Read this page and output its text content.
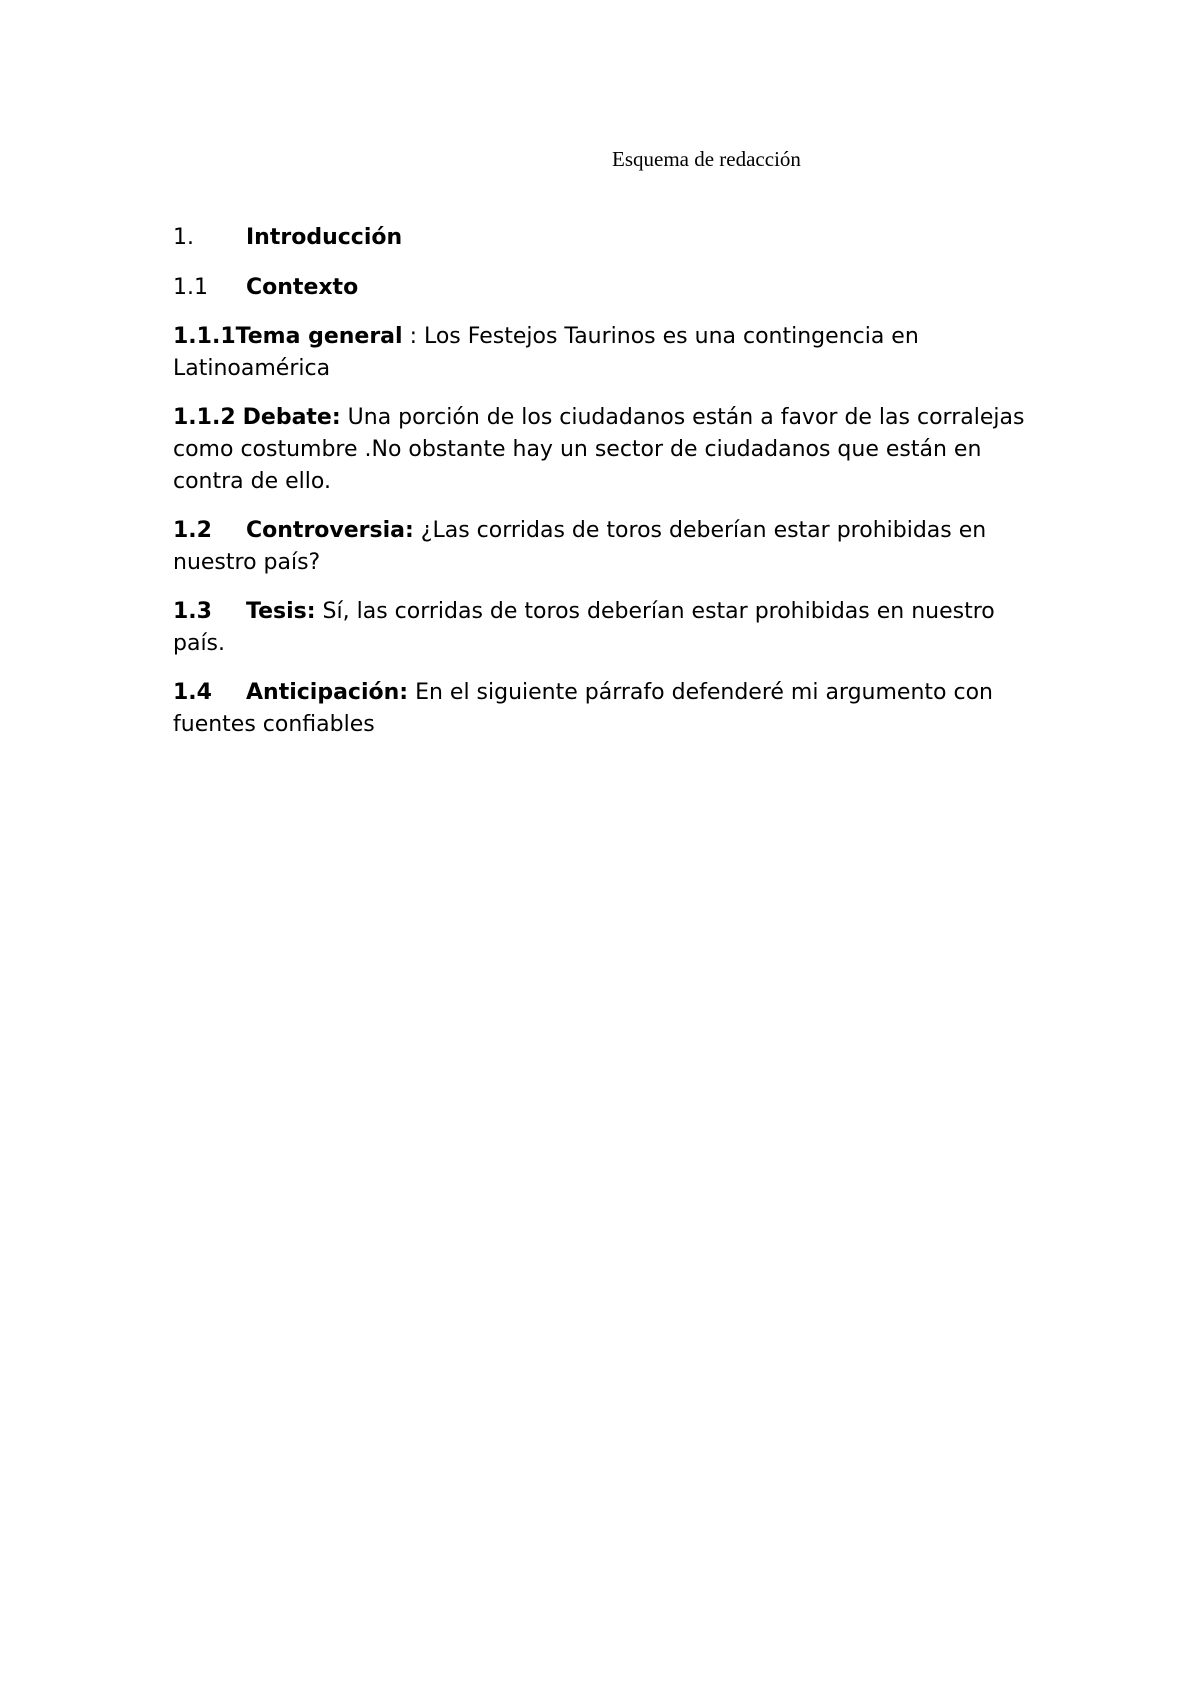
Esquema de redacción
1. Introducción
1.1 Contexto
1.1.1Tema general : Los Festejos Taurinos es una contingencia en Latinoamérica
1.1.2 Debate: Una porción de los ciudadanos están a favor de las corralejas como costumbre .No obstante hay un sector de ciudadanos que están en contra de ello.
1.2 Controversia: ¿Las corridas de toros deberían estar prohibidas en nuestro país?
1.3 Tesis: Sí, las corridas de toros deberían estar prohibidas en nuestro país.
1.4 Anticipación: En el siguiente párrafo defenderé mi argumento con fuentes confiables
